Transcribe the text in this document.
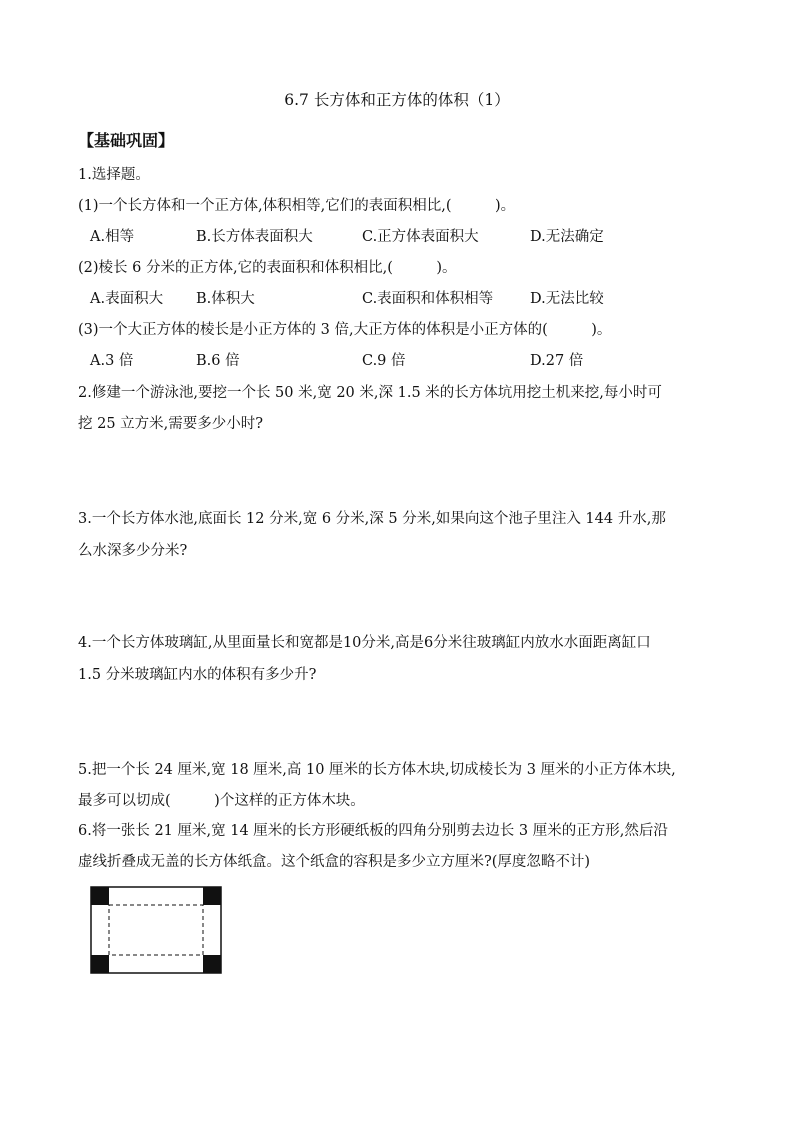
6.7 长方体和正方体的体积（1）
【基础巩固】
1.选择题。
(1)一个长方体和一个正方体,体积相等,它们的表面积相比,(　　　)。
A.相等	B.长方体表面积大	C.正方体表面积大	D.无法确定
(2)棱长 6 分米的正方体,它的表面积和体积相比,(　　　)。
A.表面积大 B.体积大	C.表面积和体积相等	D.无法比较
(3)一个大正方体的棱长是小正方体的 3 倍,大正方体的体积是小正方体的(　　　)。
A.3 倍	B.6 倍	C.9 倍	D.27 倍
2.修建一个游泳池,要挖一个长 50 米,宽 20 米,深 1.5 米的长方体坑用挖土机来挖,每小时可
挖 25 立方米,需要多少小时?
3.一个长方体水池,底面长 12 分米,宽 6 分米,深 5 分米,如果向这个池子里注入 144 升水,那
么水深多少分米?
4.一个长方体玻璃缸,从里面量长和宽都是10分米,高是6分米往玻璃缸内放水水面距离缸口
1.5 分米玻璃缸内水的体积有多少升?
5.把一个长 24 厘米,宽 18 厘米,高 10 厘米的长方体木块,切成棱长为 3 厘米的小正方体木块,
最多可以切成(　　　)个这样的正方体木块。
6.将一张长 21 厘米,宽 14 厘米的长方形硬纸板的四角分别剪去边长 3 厘米的正方形,然后沿
虚线折叠成无盖的长方体纸盒。这个纸盒的容积是多少立方厘米?(厚度忽略不计)
